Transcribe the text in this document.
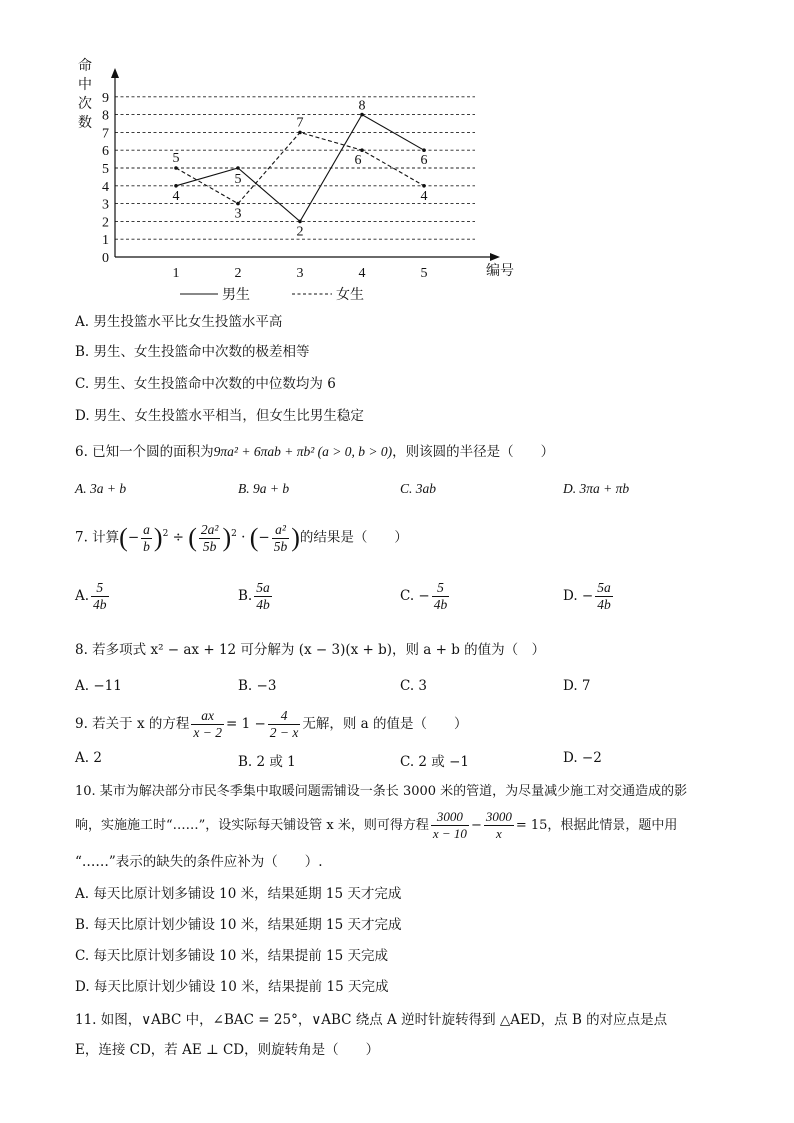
0
1
2
3
4
5
6
7
8
9
1	2	3	4	5
命
中
次
数
编号
4
5
2
8
6
5
3
7
6
4
男生	女生
A. 男生投篮水平比女生投篮水平高
B. 男生、女生投篮命中次数的极差相等
C. 男生、女生投篮命中次数的中位数均为 6
D. 男生、女生投篮水平相当，但女生比男生稳定
6. 已知一个圆的面积为9πa² + 6πab + πb² (a > 0, b > 0)，则该圆的半径是（　　）
A. 3a + b	B. 9a + b	C. 3ab	D. 3πa + πb
7. 计算(− $\frac{a}{b} )^2$ ÷ ( $\frac{\text{2a²}}{5b} )^2$ · (− $\frac{\text{a²}}{5b}$ )的结果是（　　）
A. $\frac{5}{4b}$	B. $\frac{5a}{4b}$	C. − $\frac{5}{4b}$	D. − $\frac{5a}{4b}$
8. 若多项式 x² − ax + 12 可分解为 (x − 3)(x + b)，则 a + b 的值为（　）
A. −11	B. −3	C. 3	D. 7
9. 若关于 x 的方程 $\frac{ax}{x - 2} = 1 - \frac{4}{2 - x}$ 无解，则 a 的值是（　　）
A. 2	B. 2 或 1	C. 2 或 −1	D. −2
10. 某市为解决部分市民冬季集中取暖问题需铺设一条长 3000 米的管道，为尽量减少施工对交通造成的影
响，实施施工时“……”，设实际每天铺设管 x 米，则可得方程 $\frac{3000}{x - 10} - \frac{3000}{x} = 15$，根据此情景，题中用
“……”表示的缺失的条件应补为（　　）.
A. 每天比原计划多铺设 10 米，结果延期 15 天才完成
B. 每天比原计划少铺设 10 米，结果延期 15 天才完成
C. 每天比原计划多铺设 10 米，结果提前 15 天完成
D. 每天比原计划少铺设 10 米，结果提前 15 天完成
11. 如图，∨ABC 中，∠BAC = 25°，∨ABC 绕点 A 逆时针旋转得到 △AED，点 B 的对应点是点
E，连接 CD，若 AE ⊥ CD，则旋转角是（　　）
